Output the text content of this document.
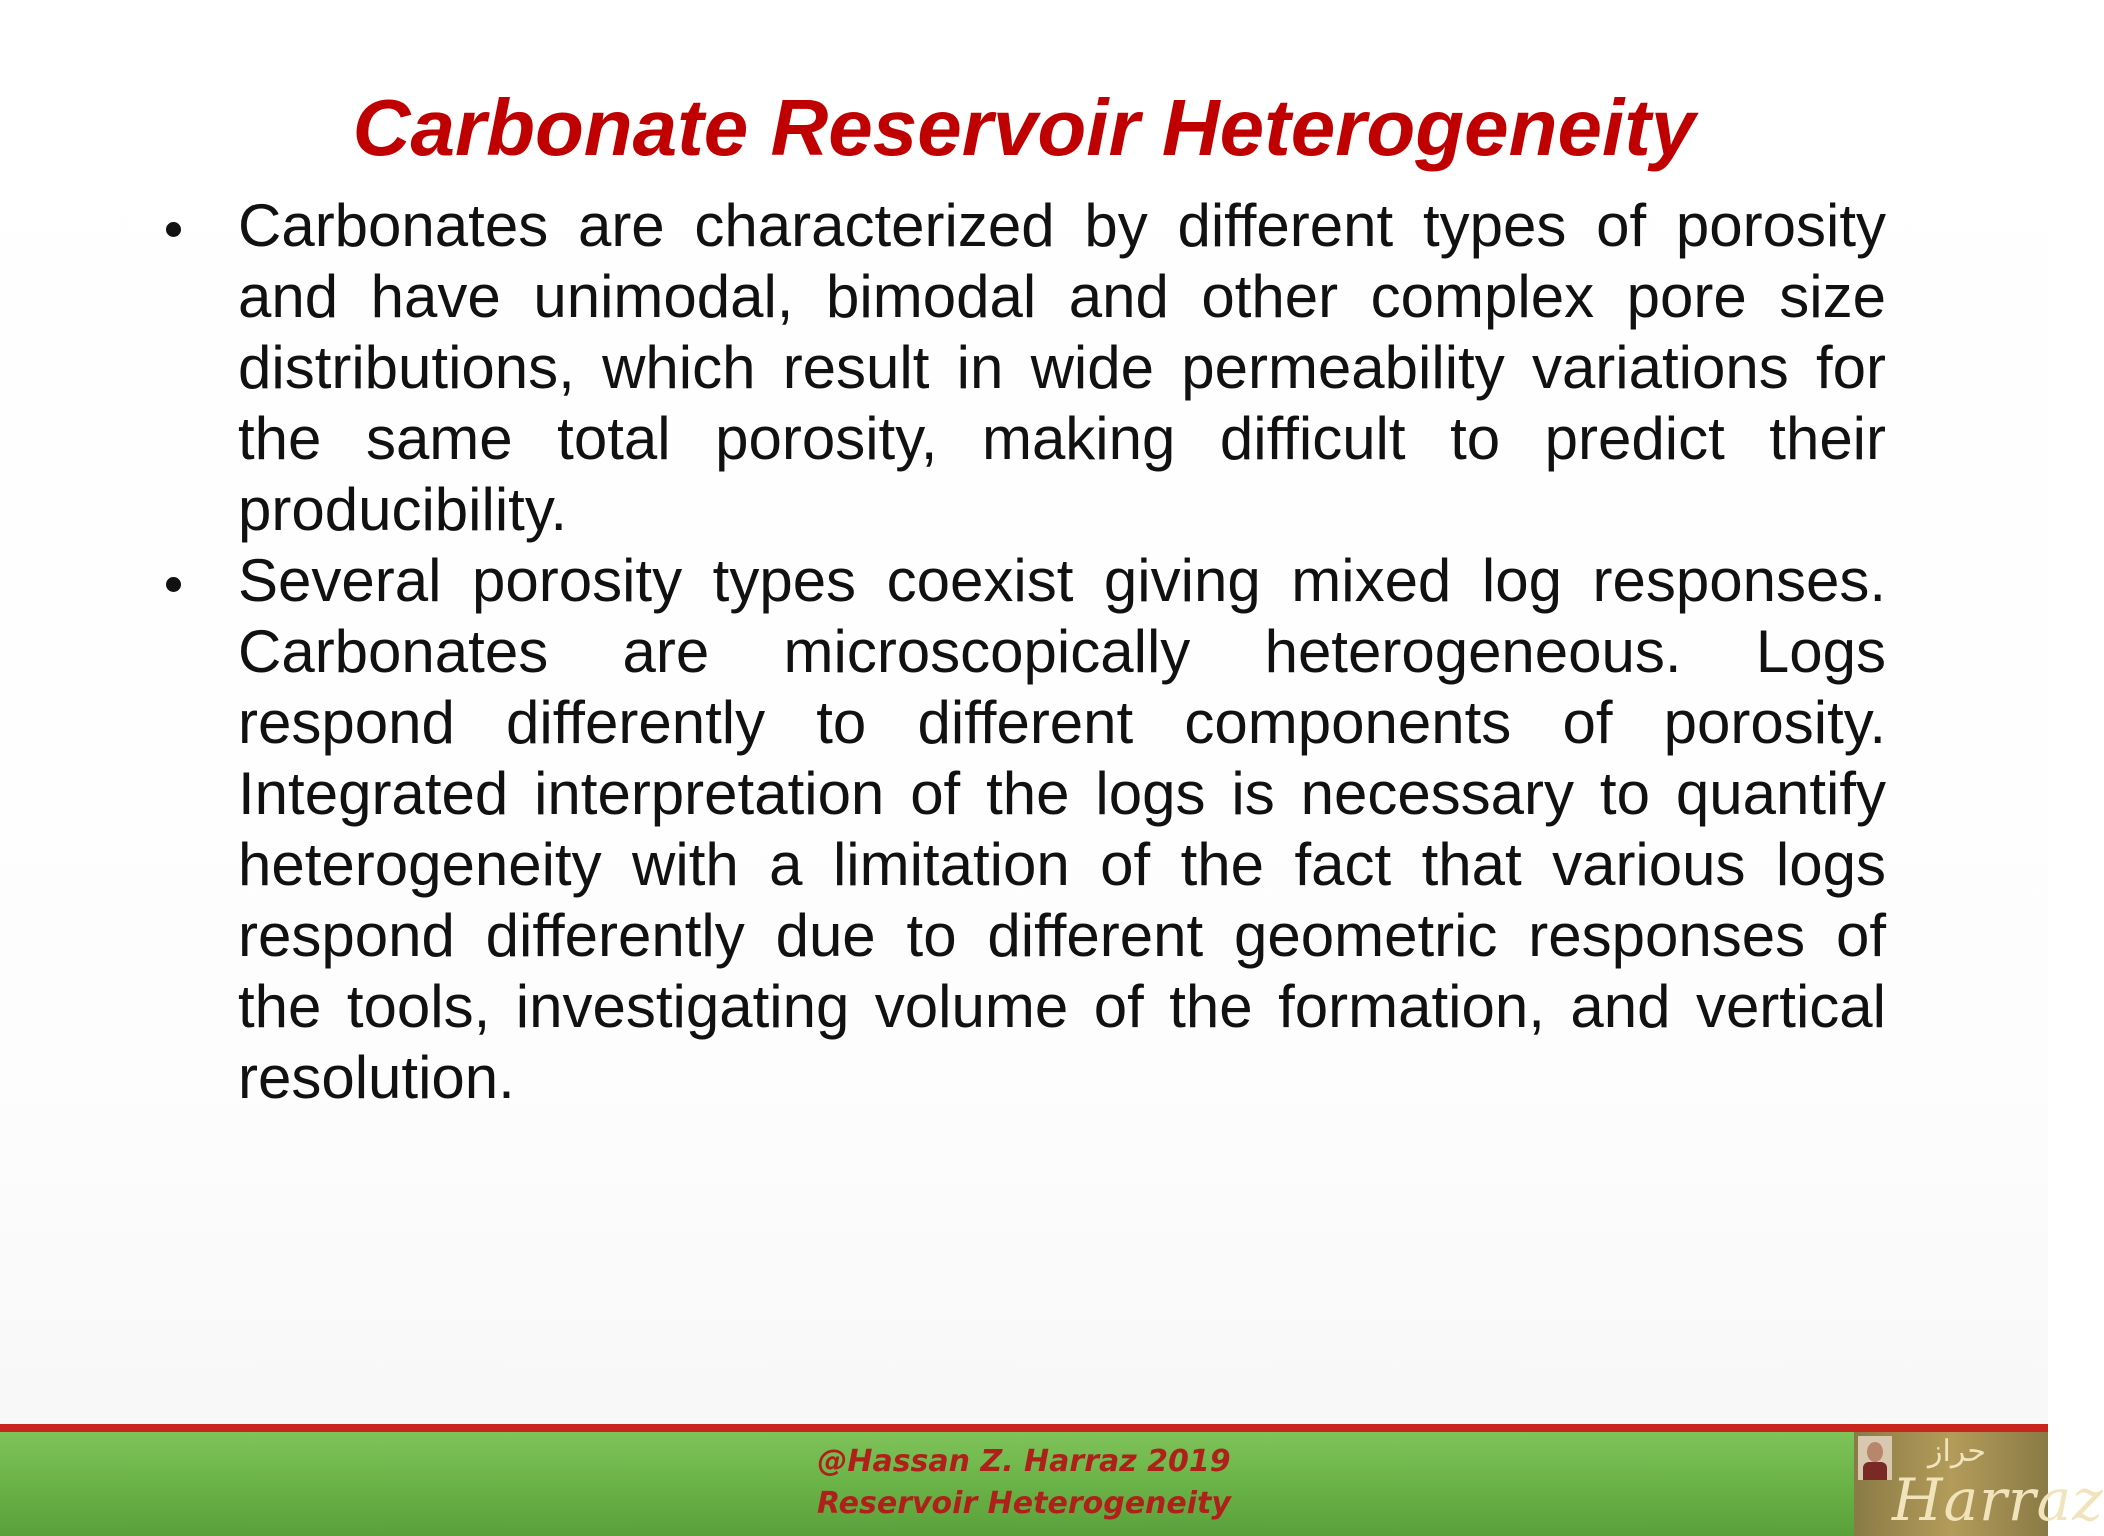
Carbonate Reservoir Heterogeneity
Carbonates are characterized by different types of porosity and have unimodal, bimodal and other complex pore size distributions, which result in wide permeability variations for the same total porosity, making difficult to predict their producibility.
Several porosity types coexist giving mixed log responses. Carbonates are microscopically heterogeneous. Logs respond differently to different components of porosity. Integrated interpretation of the logs is necessary to quantify heterogeneity with a limitation of the fact that various logs respond differently due to different geometric responses of the tools, investigating volume of the formation, and vertical resolution.
@Hassan Z. Harraz 2019
Reservoir Heterogeneity
حراز
Harraz
